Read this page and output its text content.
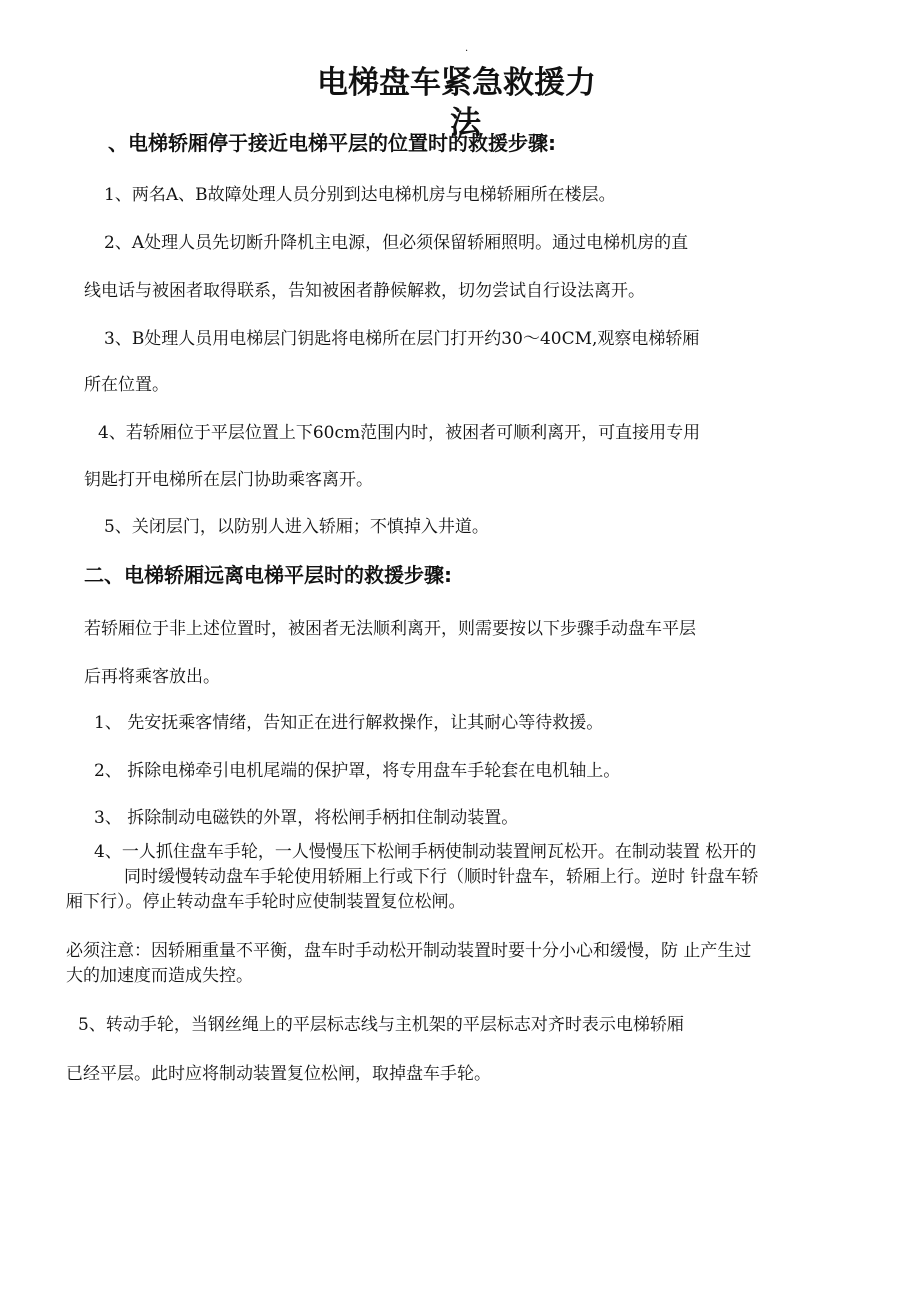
.
电梯盘车紧急救援力
法
、电梯轿厢停于接近电梯平层的位置时的救援步骤:
1、两名A、B故障处理人员分别到达电梯机房与电梯轿厢所在楼层。
2、A处理人员先切断升降机主电源，但必须保留轿厢照明。通过电梯机房的直
线电话与被困者取得联系，告知被困者静候解救，切勿尝试自行设法离开。
3、B处理人员用电梯层门钥匙将电梯所在层门打开约30〜40CM,观察电梯轿厢
所在位置。
4、若轿厢位于平层位置上下60cm范围内时，被困者可顺利离开，可直接用专用
钥匙打开电梯所在层门协助乘客离开。
5、关闭层门，以防别人进入轿厢；不慎掉入井道。
二、电梯轿厢远离电梯平层时的救援步骤:
若轿厢位于非上述位置时，被困者无法顺利离开，则需要按以下步骤手动盘车平层
后再将乘客放出。
1、 先安抚乘客情绪，告知正在进行解救操作，让其耐心等待救援。
2、 拆除电梯牵引电机尾端的保护罩，将专用盘车手轮套在电机轴上。
3、 拆除制动电磁铁的外罩，将松闸手柄扣住制动装置。
4、一人抓住盘车手轮，一人慢慢压下松闸手柄使制动装置闸瓦松开。在制动装置 松开的
同时缓慢转动盘车手轮使用轿厢上行或下行（顺时针盘车，轿厢上行。逆时 针盘车轿
厢下行）。停止转动盘车手轮时应使制装置复位松闸。
必须注意：因轿厢重量不平衡，盘车时手动松开制动装置时要十分小心和缓慢，防 止产生过
大的加速度而造成失控。
5、转动手轮，当钢丝绳上的平层标志线与主机架的平层标志对齐时表示电梯轿厢
已经平层。此时应将制动装置复位松闸，取掉盘车手轮。
